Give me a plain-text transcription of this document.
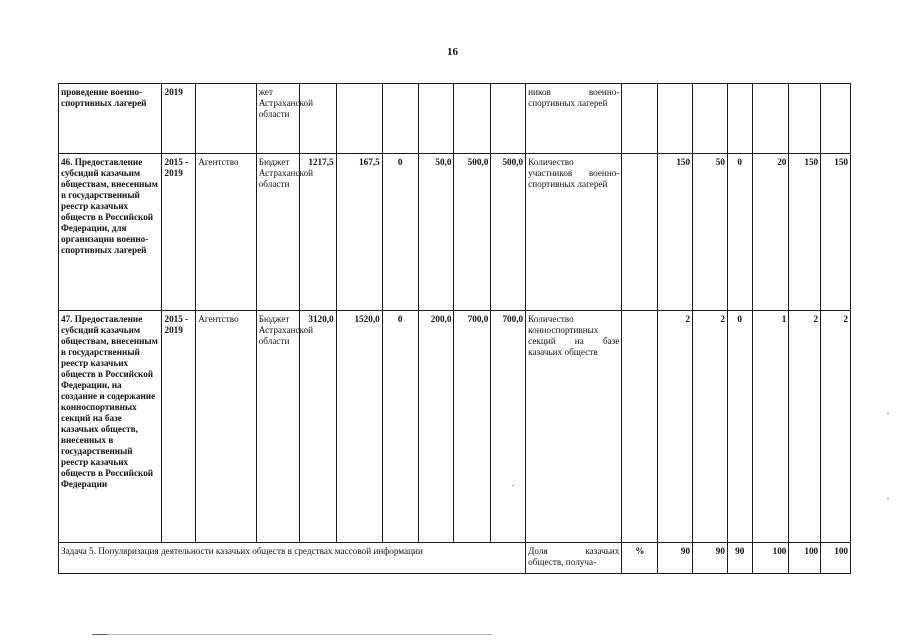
16
проведение военно-спортивных лагерей	2019		жет Астраханской области							ников военно-спортивных лагерей							
46. Предоставление субсидий казачьим обществам, внесенным в государственный реестр казачьих обществ в Российской Федерации, для организации военно-спортивных лагерей	2015 - 2019	Агентство	Бюджет Астраханской области	1217,5	167,5	0	50,0	500,0	500,0	Количество участников военно-спортивных лагерей		150	50	0	20	150	150
47. Предоставление субсидий казачьим обществам, внесенным в государственный реестр казачьих обществ в Российской Федерации, на создание и содержание конноспортивных секций на базе казачьих обществ, внесенных в государственный реестр казачьих обществ в Российской Федерации	2015 - 2019	Агентство	Бюджет Астраханской области	3120,0	1520,0	0	200,0	700,0	700,0	Количество конноспортивных секций на базе казачьих обществ		2	2	0	1	2	2
Задача 5. Популяризация деятельности казачьих обществ в средствах массовой информации										Доля казачьих обществ, получа-	%	90	90	90	100	100	100
